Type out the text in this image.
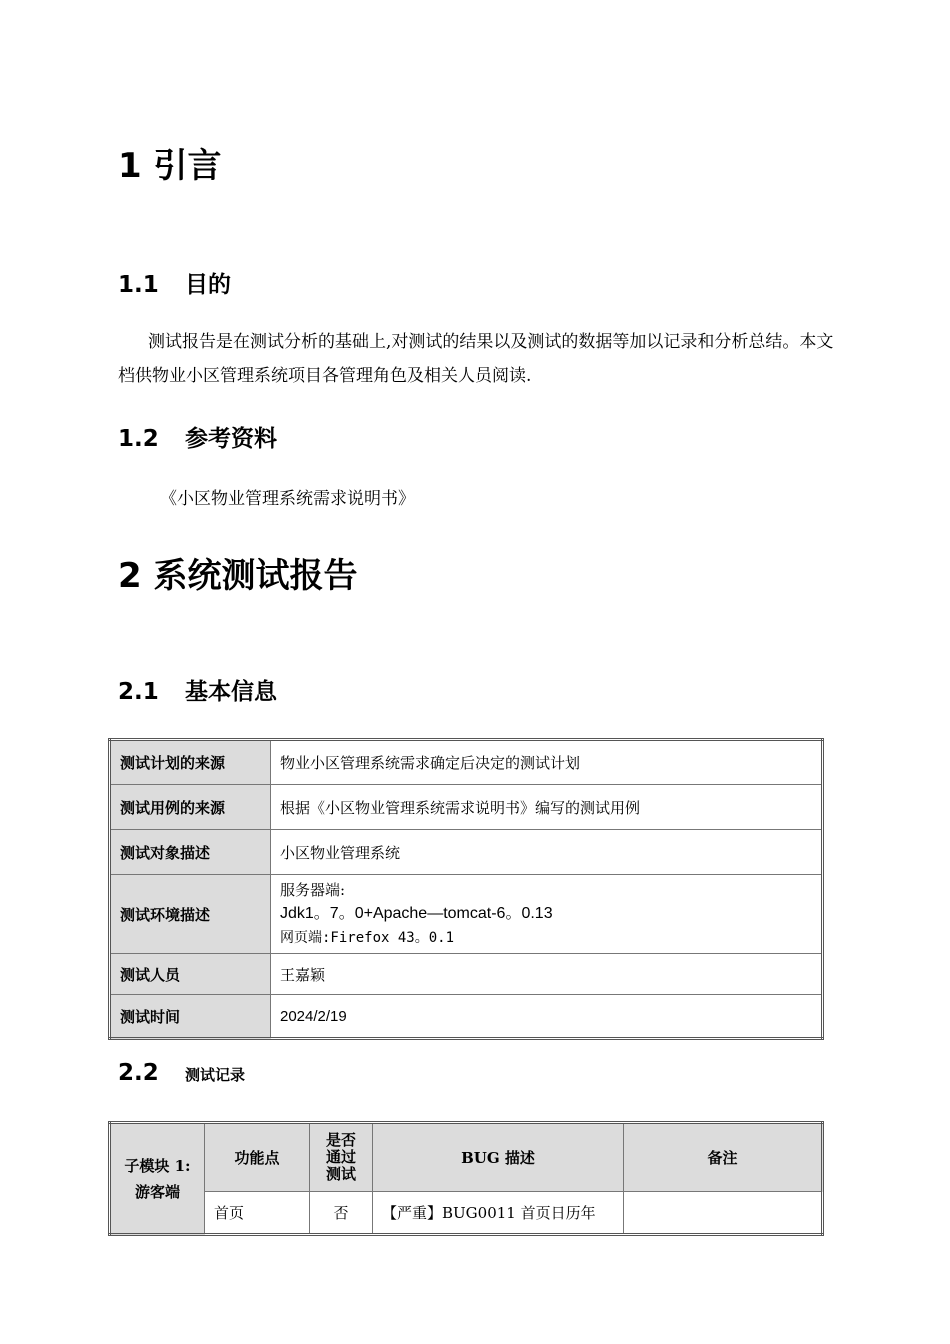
1 引言
1.1 目的

测试报告是在测试分析的基础上,对测试的结果以及测试的数据等加以记录和分析总结。本文档供物业小区管理系统项目各管理角色及相关人员阅读.

1.2 参考资料

《小区物业管理系统需求说明书》

2 系统测试报告
2.1 基本信息
测试计划的来源	物业小区管理系统需求确定后决定的测试计划
测试用例的来源	根据《小区物业管理系统需求说明书》编写的测试用例
测试对象描述	小区物业管理系统
测试环境描述	服务器端:
Jdk1。7。0+Apache—tomcat-6。0.13
网页端:Firefox 43。0.1

测试人员	王嘉颖
测试时间	2024/2/19
2.2 测试记录
子模块 1:游客端	功能点	是否通过测试	BUG 描述	备注
	首页	否	【严重】BUG0011 首页日历年	
